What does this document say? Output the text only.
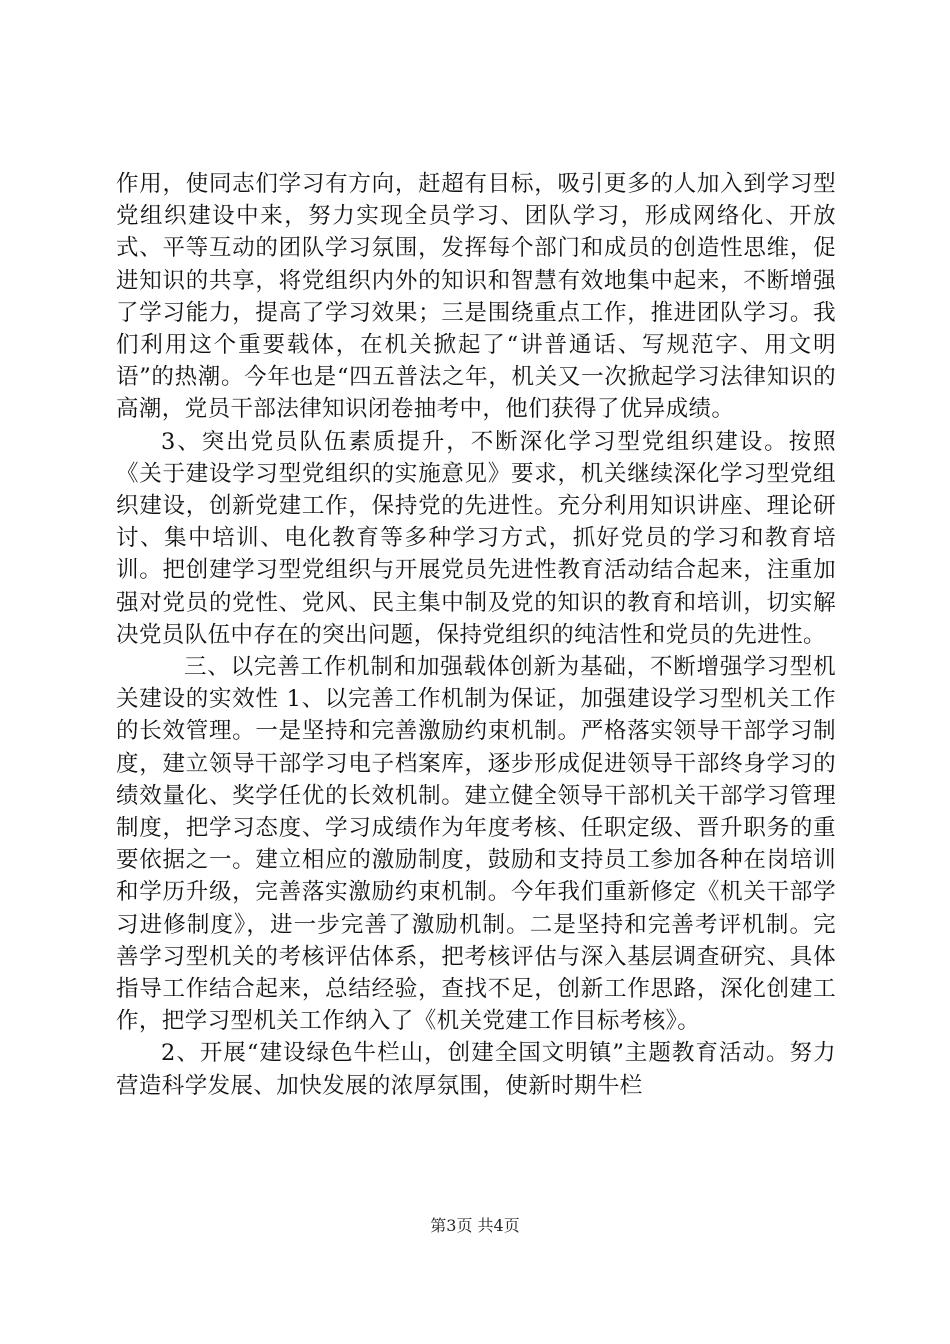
作用，使同志们学习有方向，赶超有目标，吸引更多的人加入到学习型党组织建设中来，努力实现全员学习、团队学习，形成网络化、开放式、平等互动的团队学习氛围，发挥每个部门和成员的创造性思维，促进知识的共享，将党组织内外的知识和智慧有效地集中起来，不断增强了学习能力，提高了学习效果；三是围绕重点工作，推进团队学习。我们利用这个重要载体，在机关掀起了“讲普通话、写规范字、用文明语”的热潮。今年也是“四五普法之年，机关又一次掀起学习法律知识的高潮，党员干部法律知识闭卷抽考中，他们获得了优异成绩。

3、突出党员队伍素质提升，不断深化学习型党组织建设。按照《关于建设学习型党组织的实施意见》要求，机关继续深化学习型党组织建设，创新党建工作，保持党的先进性。充分利用知识讲座、理论研讨、集中培训、电化教育等多种学习方式，抓好党员的学习和教育培训。把创建学习型党组织与开展党员先进性教育活动结合起来，注重加强对党员的党性、党风、民主集中制及党的知识的教育和培训，切实解决党员队伍中存在的突出问题，保持党组织的纯洁性和党员的先进性。

三、以完善工作机制和加强载体创新为基础，不断增强学习型机关建设的实效性 1、以完善工作机制为保证，加强建设学习型机关工作的长效管理。一是坚持和完善激励约束机制。严格落实领导干部学习制度，建立领导干部学习电子档案库，逐步形成促进领导干部终身学习的绩效量化、奖学任优的长效机制。建立健全领导干部机关干部学习管理制度，把学习态度、学习成绩作为年度考核、任职定级、晋升职务的重要依据之一。建立相应的激励制度，鼓励和支持员工参加各种在岗培训和学历升级，完善落实激励约束机制。今年我们重新修定《机关干部学习进修制度》，进一步完善了激励机制。二是坚持和完善考评机制。完善学习型机关的考核评估体系，把考核评估与深入基层调查研究、具体指导工作结合起来，总结经验，查找不足，创新工作思路，深化创建工作，把学习型机关工作纳入了《机关党建工作目标考核》。

2、开展“建设绿色牛栏山，创建全国文明镇”主题教育活动。努力营造科学发展、加快发展的浓厚氛围，使新时期牛栏

第3页 共4页
